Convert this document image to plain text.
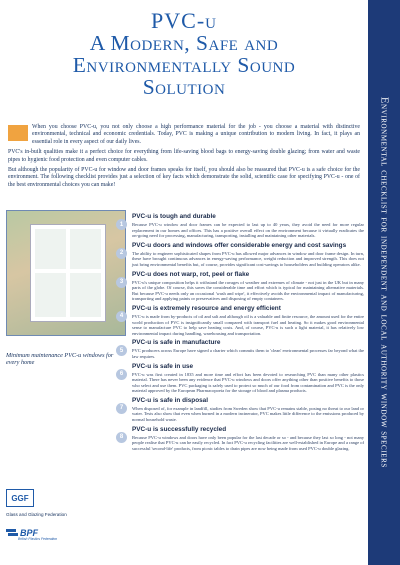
PVC-u
A Modern, Safe and
Environmentally Sound
Solution

When you choose PVC-u, you not only choose a high performance material for the job - you choose a material with distinctive environmental, technical and economic credentials. Today, PVC is making a unique contribution to modern living. In fact, it plays an essential role in every aspect of our daily lives.

PVC's in-built qualities make it a perfect choice for everything from life-saving blood bags to energy-saving double glazing; from water and waste pipes to hygienic food protection and even computer cables.

But although the popularity of PVC-u for window and door frames speaks for itself, you should also be reassured that PVC-u is a safe choice for the environment. The following checklist provides just a selection of key facts which demonstrate the solid, scientific case for specifying PVC-u - one of the best environmental choices you can make!

Minimum maintenance PVC-u windows for every home
1
PVC-u is tough and durable

Because PVC-u window and door frames can be expected to last up to 40 years, they avoid the need for more regular replacement in our homes and offices. This has a positive overall effect on the environment because it virtually eradicates the on-going need for processing, manufacturing, transporting, installing and maintaining other materials.

2
PVC-u doors and windows offer considerable energy and cost savings

The ability to engineer sophisticated shapes from PVC-u has allowed major advances in window and door frame design. In turn, these have brought continuous advances in energy-saving performance, weight reduction and improved strength. This does not just bring environmental benefits but, of course, provides significant cost-savings to householders and building operators alike.

3
PVC-u does not warp, rot, peel or flake

PVC-u's unique composition helps it withstand the ravages of weather and extremes of climate - not just in the UK but in many parts of the globe. Of course, this saves the considerable time and effort which is typical for maintaining alternative materials. But because PVC-u needs only an occasional 'wash and wipe', it effectively avoids the environmental impact of manufacturing, transporting and applying paints or preservatives and disposing of empty containers.

4
PVC-u is extremely resource and energy efficient

PVC-u is made from by-products of oil and salt and although oil is a valuable and finite resource, the amount used for the entire world production of PVC is insignificantly small compared with transport fuel and heating. So it makes good environmental sense to manufacture PVC to help save heating costs. And, of course, PVC-u is such a light material, it has relatively low environmental impact during handling, warehousing and transportation.

5
PVC-u is safe in manufacture

PVC producers across Europe have signed a charter which commits them to 'clean' environmental processes far beyond what the law requires.

6
PVC-u is safe in use

PVC-u was first created in 1835 and more time and effort has been devoted to researching PVC than many other plastics material. There has never been any evidence that PVC-u windows and doors offer anything other than positive benefits to those who select and use them. PVC packaging is safely used to protect so much of our food from contamination and PVC is the only material approved by the European Pharmacopoeia for the storage of blood and plasma products.

7
PVC-u is safe in disposal

When disposed of, for example in landfill, studies from Sweden show that PVC-u remains stable, posing no threat to our land or water. Tests also show that even when burned in a modern incinerator, PVC makes little difference to the emissions produced by normal household waste.

8
PVC-u is successfully recycled

Because PVC-u windows and doors have only been popular for the last decade or so - and because they last so long - not many people realise that PVC-u can be easily recycled. In fact PVC-u recycling facilities are well-established in Europe and a range of successful 'second-life' products, from picnic tables to drain pipes are now being made from used PVC-u double glazing.

GGF
Glass and Glazing Federation
BPF
British Plastics Federation
Environmental checklist for independent and local authority window speciers
